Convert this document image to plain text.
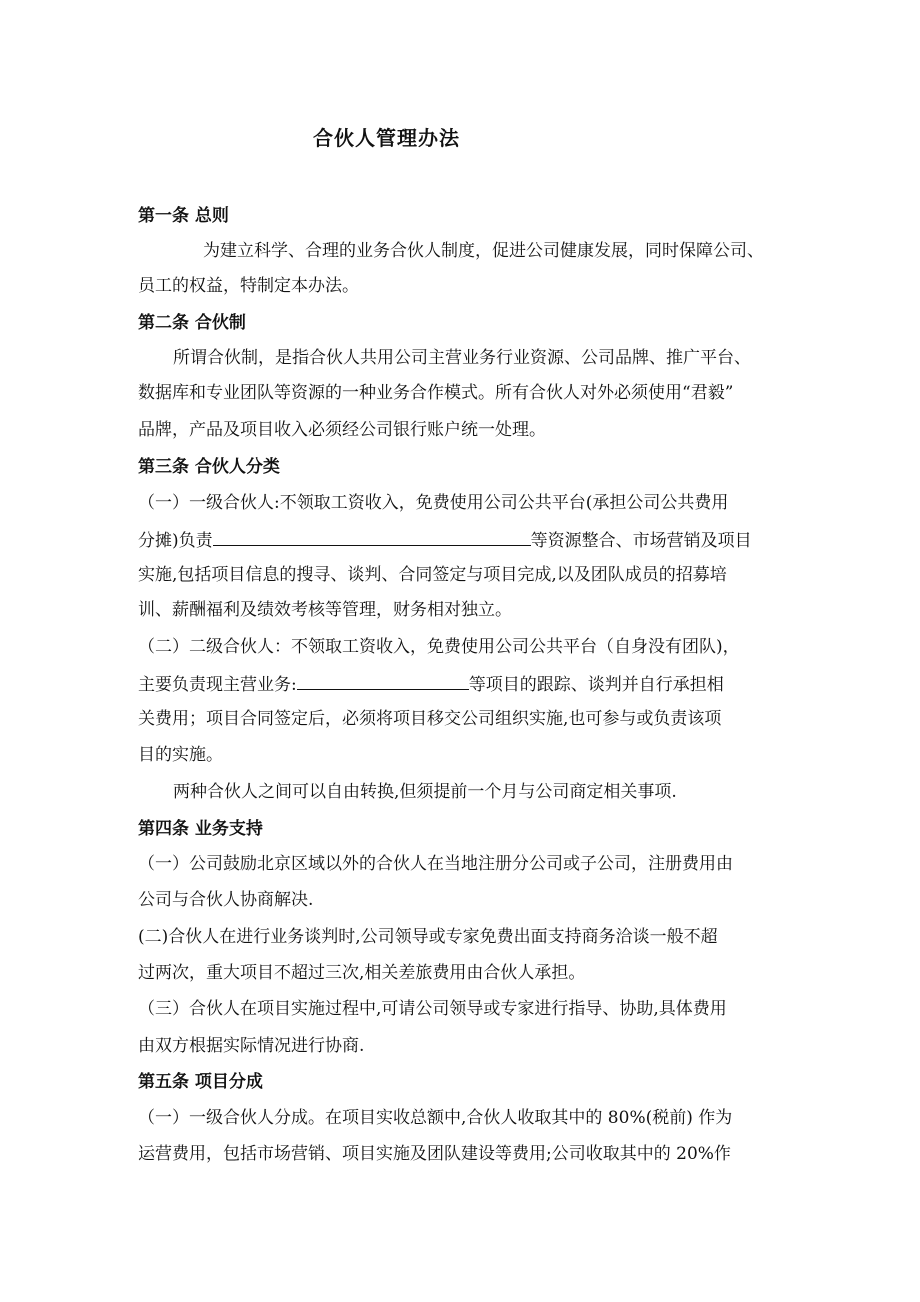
合伙人管理办法
第一条 总则
为建立科学、合理的业务合伙人制度，促进公司健康发展，同时保障公司、
员工的权益，特制定本办法。
第二条 合伙制
所谓合伙制，是指合伙人共用公司主营业务行业资源、公司品牌、推广平台、
数据库和专业团队等资源的一种业务合作模式。所有合伙人对外必须使用“君毅”
品牌，产品及项目收入必须经公司银行账户统一处理。
第三条 合伙人分类
（一）一级合伙人:不领取工资收入，免费使用公司公共平台(承担公司公共费用
分摊)负责	等资源整合、市场营销及项目
实施,包括项目信息的搜寻、谈判、合同签定与项目完成,以及团队成员的招募培
训、薪酬福利及绩效考核等管理，财务相对独立。
（二）二级合伙人：不领取工资收入，免费使用公司公共平台（自身没有团队)，
主要负责现主营业务:	等项目的跟踪、谈判并自行承担相
关费用；项目合同签定后，必须将项目移交公司组织实施,也可参与或负责该项
目的实施。
两种合伙人之间可以自由转换,但须提前一个月与公司商定相关事项.
第四条 业务支持
（一）公司鼓励北京区域以外的合伙人在当地注册分公司或子公司，注册费用由
公司与合伙人协商解决.
(二)合伙人在进行业务谈判时,公司领导或专家免费出面支持商务洽谈一般不超
过两次，重大项目不超过三次,相关差旅费用由合伙人承担。
（三）合伙人在项目实施过程中,可请公司领导或专家进行指导、协助,具体费用
由双方根据实际情况进行协商.
第五条 项目分成
（一）一级合伙人分成。在项目实收总额中,合伙人收取其中的 80%(税前) 作为
运营费用，包括市场营销、项目实施及团队建设等费用;公司收取其中的 20%作
